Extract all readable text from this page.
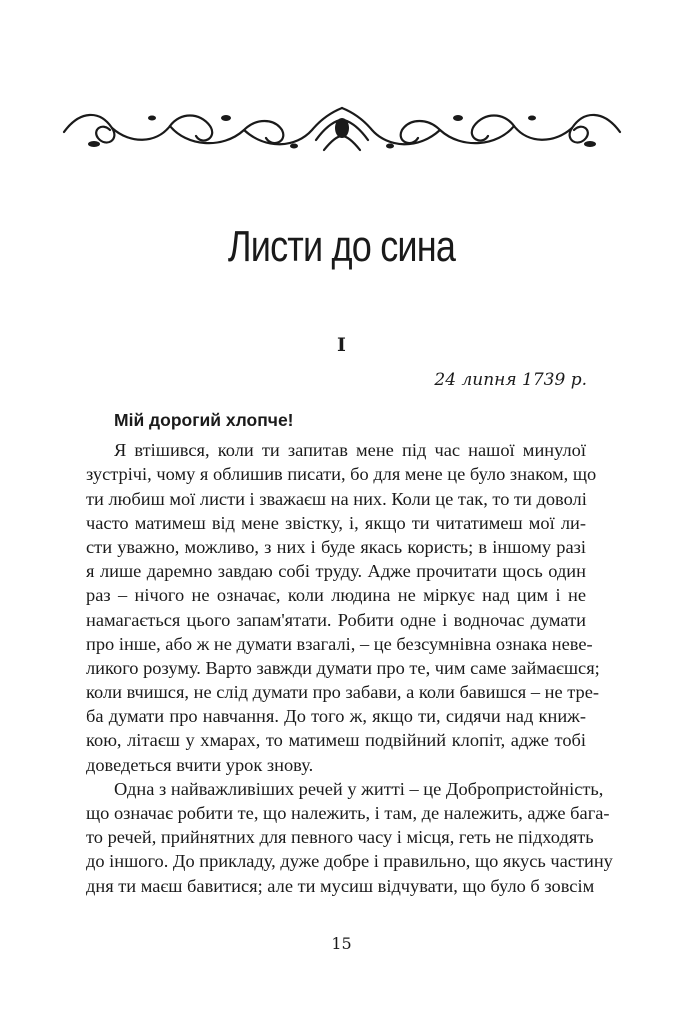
Листи до сина
I
24 липня 1739 р.

Мій дорогий хлопче!

Я втішився, коли ти запитав мене під час нашої минулої
зустрічі, чому я облишив писати, бо для мене це було знаком, що
ти любиш мої листи і зважаєш на них. Коли це так, то ти доволі
часто матимеш від мене звістку, і, якщо ти читатимеш мої ли-
сти уважно, можливо, з них і буде якась користь; в іншому разі
я лише даремно завдаю собі труду. Адже прочитати щось один
раз – нічого не означає, коли людина не міркує над цим і не
намагається цього запам'ятати. Робити одне і водночас думати
про інше, або ж не думати взагалі, – це безсумнівна ознака неве-
ликого розуму. Варто завжди думати про те, чим саме займаєшся;
коли вчишся, не слід думати про забави, а коли бавишся – не тре-
ба думати про навчання. До того ж, якщо ти, сидячи над книж-
кою, літаєш у хмарах, то матимеш подвійний клопіт, адже тобі
доведеться вчити урок знову.
Одна з найважливіших речей у житті – це Добропристойність,
що означає робити те, що належить, і там, де належить, адже бага-
то речей, прийнятних для певного часу і місця, геть не підходять
до іншого. До прикладу, дуже добре і правильно, що якусь частину
дня ти маєш бавитися; але ти мусиш відчувати, що було б зовсім
15
